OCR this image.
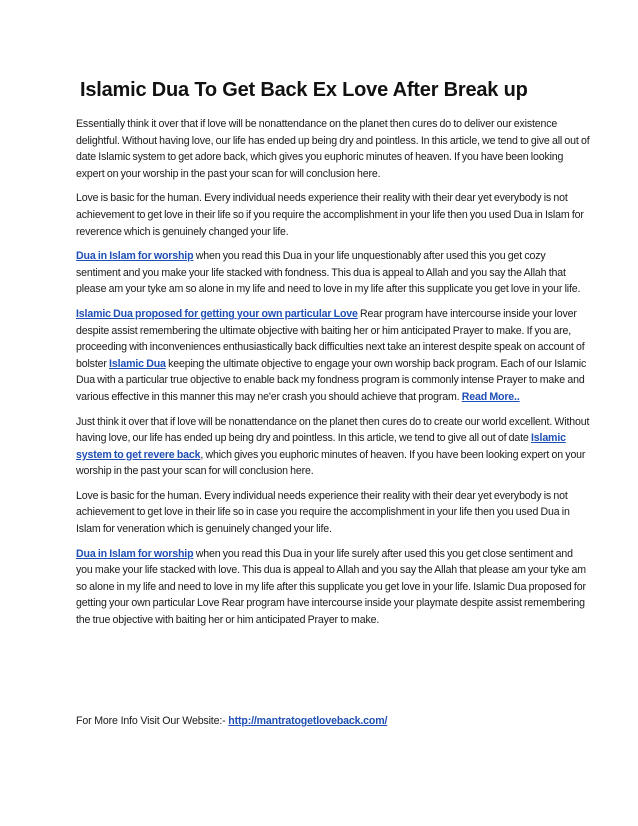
Islamic Dua To Get Back Ex Love After Break up

Essentially think it over that if love will be nonattendance on the planet then cures do to deliver our existence delightful. Without having love, our life has ended up being dry and pointless. In this article, we tend to give all out of date Islamic system to get adore back, which gives you euphoric minutes of heaven. If you have been looking expert on your worship in the past your scan for will conclusion here.

Love is basic for the human. Every individual needs experience their reality with their dear yet everybody is not achievement to get love in their life so if you require the accomplishment in your life then you used Dua in Islam for reverence which is genuinely changed your life.

Dua in Islam for worship when you read this Dua in your life unquestionably after used this you get cozy sentiment and you make your life stacked with fondness. This dua is appeal to Allah and you say the Allah that please am your tyke am so alone in my life and need to love in my life after this supplicate you get love in your life.

Islamic Dua proposed for getting your own particular Love Rear program have intercourse inside your lover despite assist remembering the ultimate objective with baiting her or him anticipated Prayer to make. If you are, proceeding with inconveniences enthusiastically back difficulties next take an interest despite speak on account of bolster Islamic Dua keeping the ultimate objective to engage your own worship back program. Each of our Islamic Dua with a particular true objective to enable back my fondness program is commonly intense Prayer to make and various effective in this manner this may ne'er crash you should achieve that program. Read More..

Just think it over that if love will be nonattendance on the planet then cures do to create our world excellent. Without having love, our life has ended up being dry and pointless. In this article, we tend to give all out of date Islamic system to get revere back, which gives you euphoric minutes of heaven. If you have been looking expert on your worship in the past your scan for will conclusion here.

Love is basic for the human. Every individual needs experience their reality with their dear yet everybody is not achievement to get love in their life so in case you require the accomplishment in your life then you used Dua in Islam for veneration which is genuinely changed your life.

Dua in Islam for worship when you read this Dua in your life surely after used this you get close sentiment and you make your life stacked with love. This dua is appeal to Allah and you say the Allah that please am your tyke am so alone in my life and need to love in my life after this supplicate you get love in your life. Islamic Dua proposed for getting your own particular Love Rear program have intercourse inside your playmate despite assist remembering the true objective with baiting her or him anticipated Prayer to make.

For More Info Visit Our Website:- http://mantratogetloveback.com/
